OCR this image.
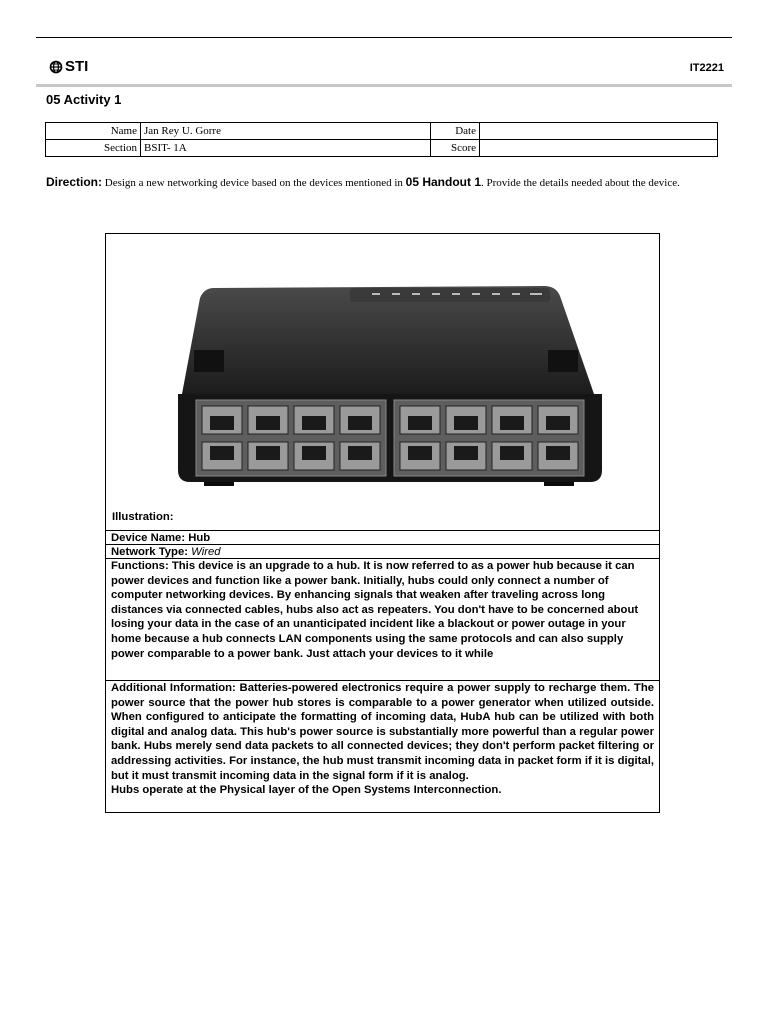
STI	IT2221
05 Activity 1
Name	Jan Rey U. Gorre	Date	
Section	BSIT- 1A	Score	
Direction: Design a new networking device based on the devices mentioned in 05 Handout 1. Provide the details needed about the device.
Illustration:
Device Name: Hub
Network Type: Wired
Functions: This device is an upgrade to a hub. It is now referred to as a power hub because it can power devices and function like a power bank. Initially, hubs could only connect a number of computer networking devices. By enhancing signals that weaken after traveling across long distances via connected cables, hubs also act as repeaters. You don't have to be concerned about losing your data in the case of an unanticipated incident like a blackout or power outage in your home because a hub connects LAN components using the same protocols and can also supply power comparable to a power bank. Just attach your devices to it while
Additional Information: Batteries-powered electronics require a power supply to recharge them. The power source that the power hub stores is comparable to a power generator when utilized outside. When configured to anticipate the formatting of incoming data, HubA hub can be utilized with both digital and analog data. This hub's power source is substantially more powerful than a regular power bank. Hubs merely send data packets to all connected devices; they don't perform packet filtering or addressing activities. For instance, the hub must transmit incoming data in packet form if it is digital, but it must transmit incoming data in the signal form if it is analog.
Hubs operate at the Physical layer of the Open Systems Interconnection.
